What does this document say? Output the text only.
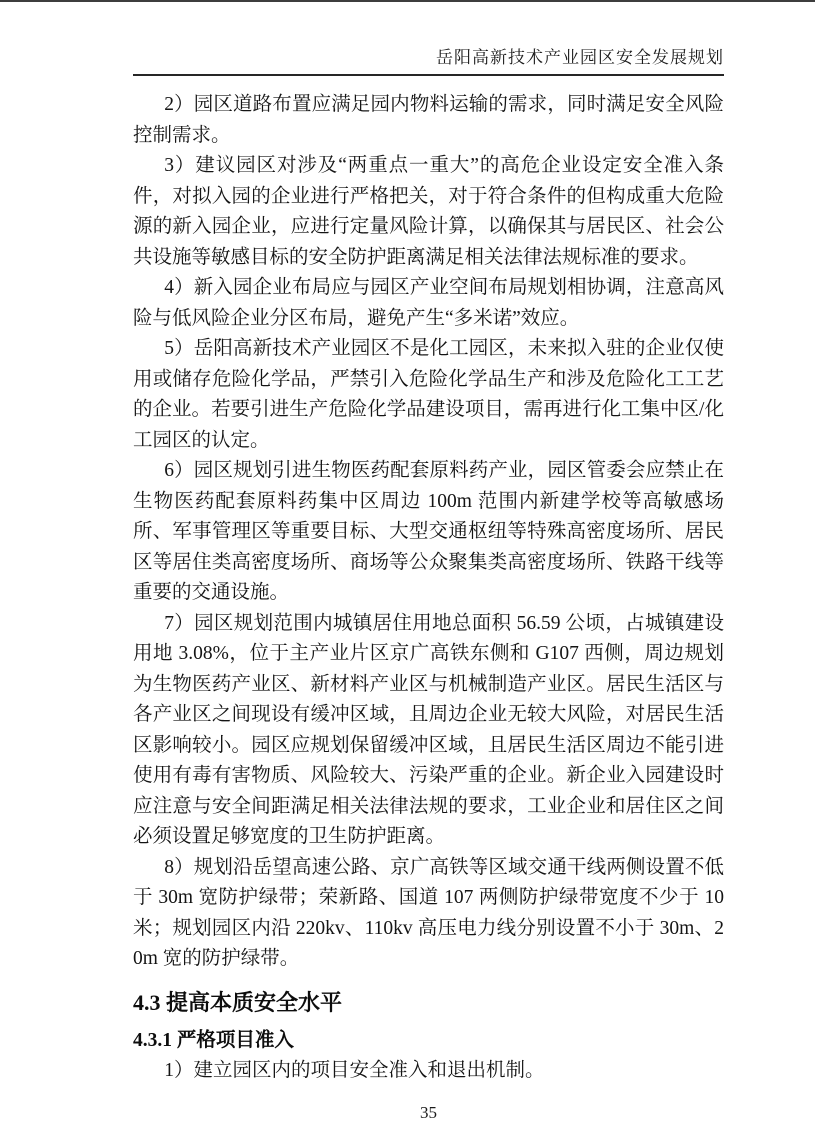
岳阳高新技术产业园区安全发展规划

2）园区道路布置应满足园内物料运输的需求，同时满足安全风险控制需求。

3）建议园区对涉及“两重点一重大”的高危企业设定安全准入条件，对拟入园的企业进行严格把关，对于符合条件的但构成重大危险源的新入园企业，应进行定量风险计算，以确保其与居民区、社会公共设施等敏感目标的安全防护距离满足相关法律法规标准的要求。

4）新入园企业布局应与园区产业空间布局规划相协调，注意高风险与低风险企业分区布局，避免产生“多米诺”效应。

5）岳阳高新技术产业园区不是化工园区，未来拟入驻的企业仅使用或储存危险化学品，严禁引入危险化学品生产和涉及危险化工工艺的企业。若要引进生产危险化学品建设项目，需再进行化工集中区/化工园区的认定。

6）园区规划引进生物医药配套原料药产业，园区管委会应禁止在生物医药配套原料药集中区周边 100m 范围内新建学校等高敏感场所、军事管理区等重要目标、大型交通枢纽等特殊高密度场所、居民区等居住类高密度场所、商场等公众聚集类高密度场所、铁路干线等重要的交通设施。

7）园区规划范围内城镇居住用地总面积 56.59 公顷，占城镇建设用地 3.08%，位于主产业片区京广高铁东侧和 G107 西侧，周边规划为生物医药产业区、新材料产业区与机械制造产业区。居民生活区与各产业区之间现设有缓冲区域，且周边企业无较大风险，对居民生活区影响较小。园区应规划保留缓冲区域，且居民生活区周边不能引进使用有毒有害物质、风险较大、污染严重的企业。新企业入园建设时应注意与安全间距满足相关法律法规的要求，工业企业和居住区之间必须设置足够宽度的卫生防护距离。

8）规划沿岳望高速公路、京广高铁等区域交通干线两侧设置不低于 30m 宽防护绿带；荣新路、国道 107 两侧防护绿带宽度不少于 10 米；规划园区内沿 220kv、110kv 高压电力线分别设置不小于 30m、20m 宽的防护绿带。

4.3 提高本质安全水平
4.3.1 严格项目准入

1）建立园区内的项目安全准入和退出机制。

35
